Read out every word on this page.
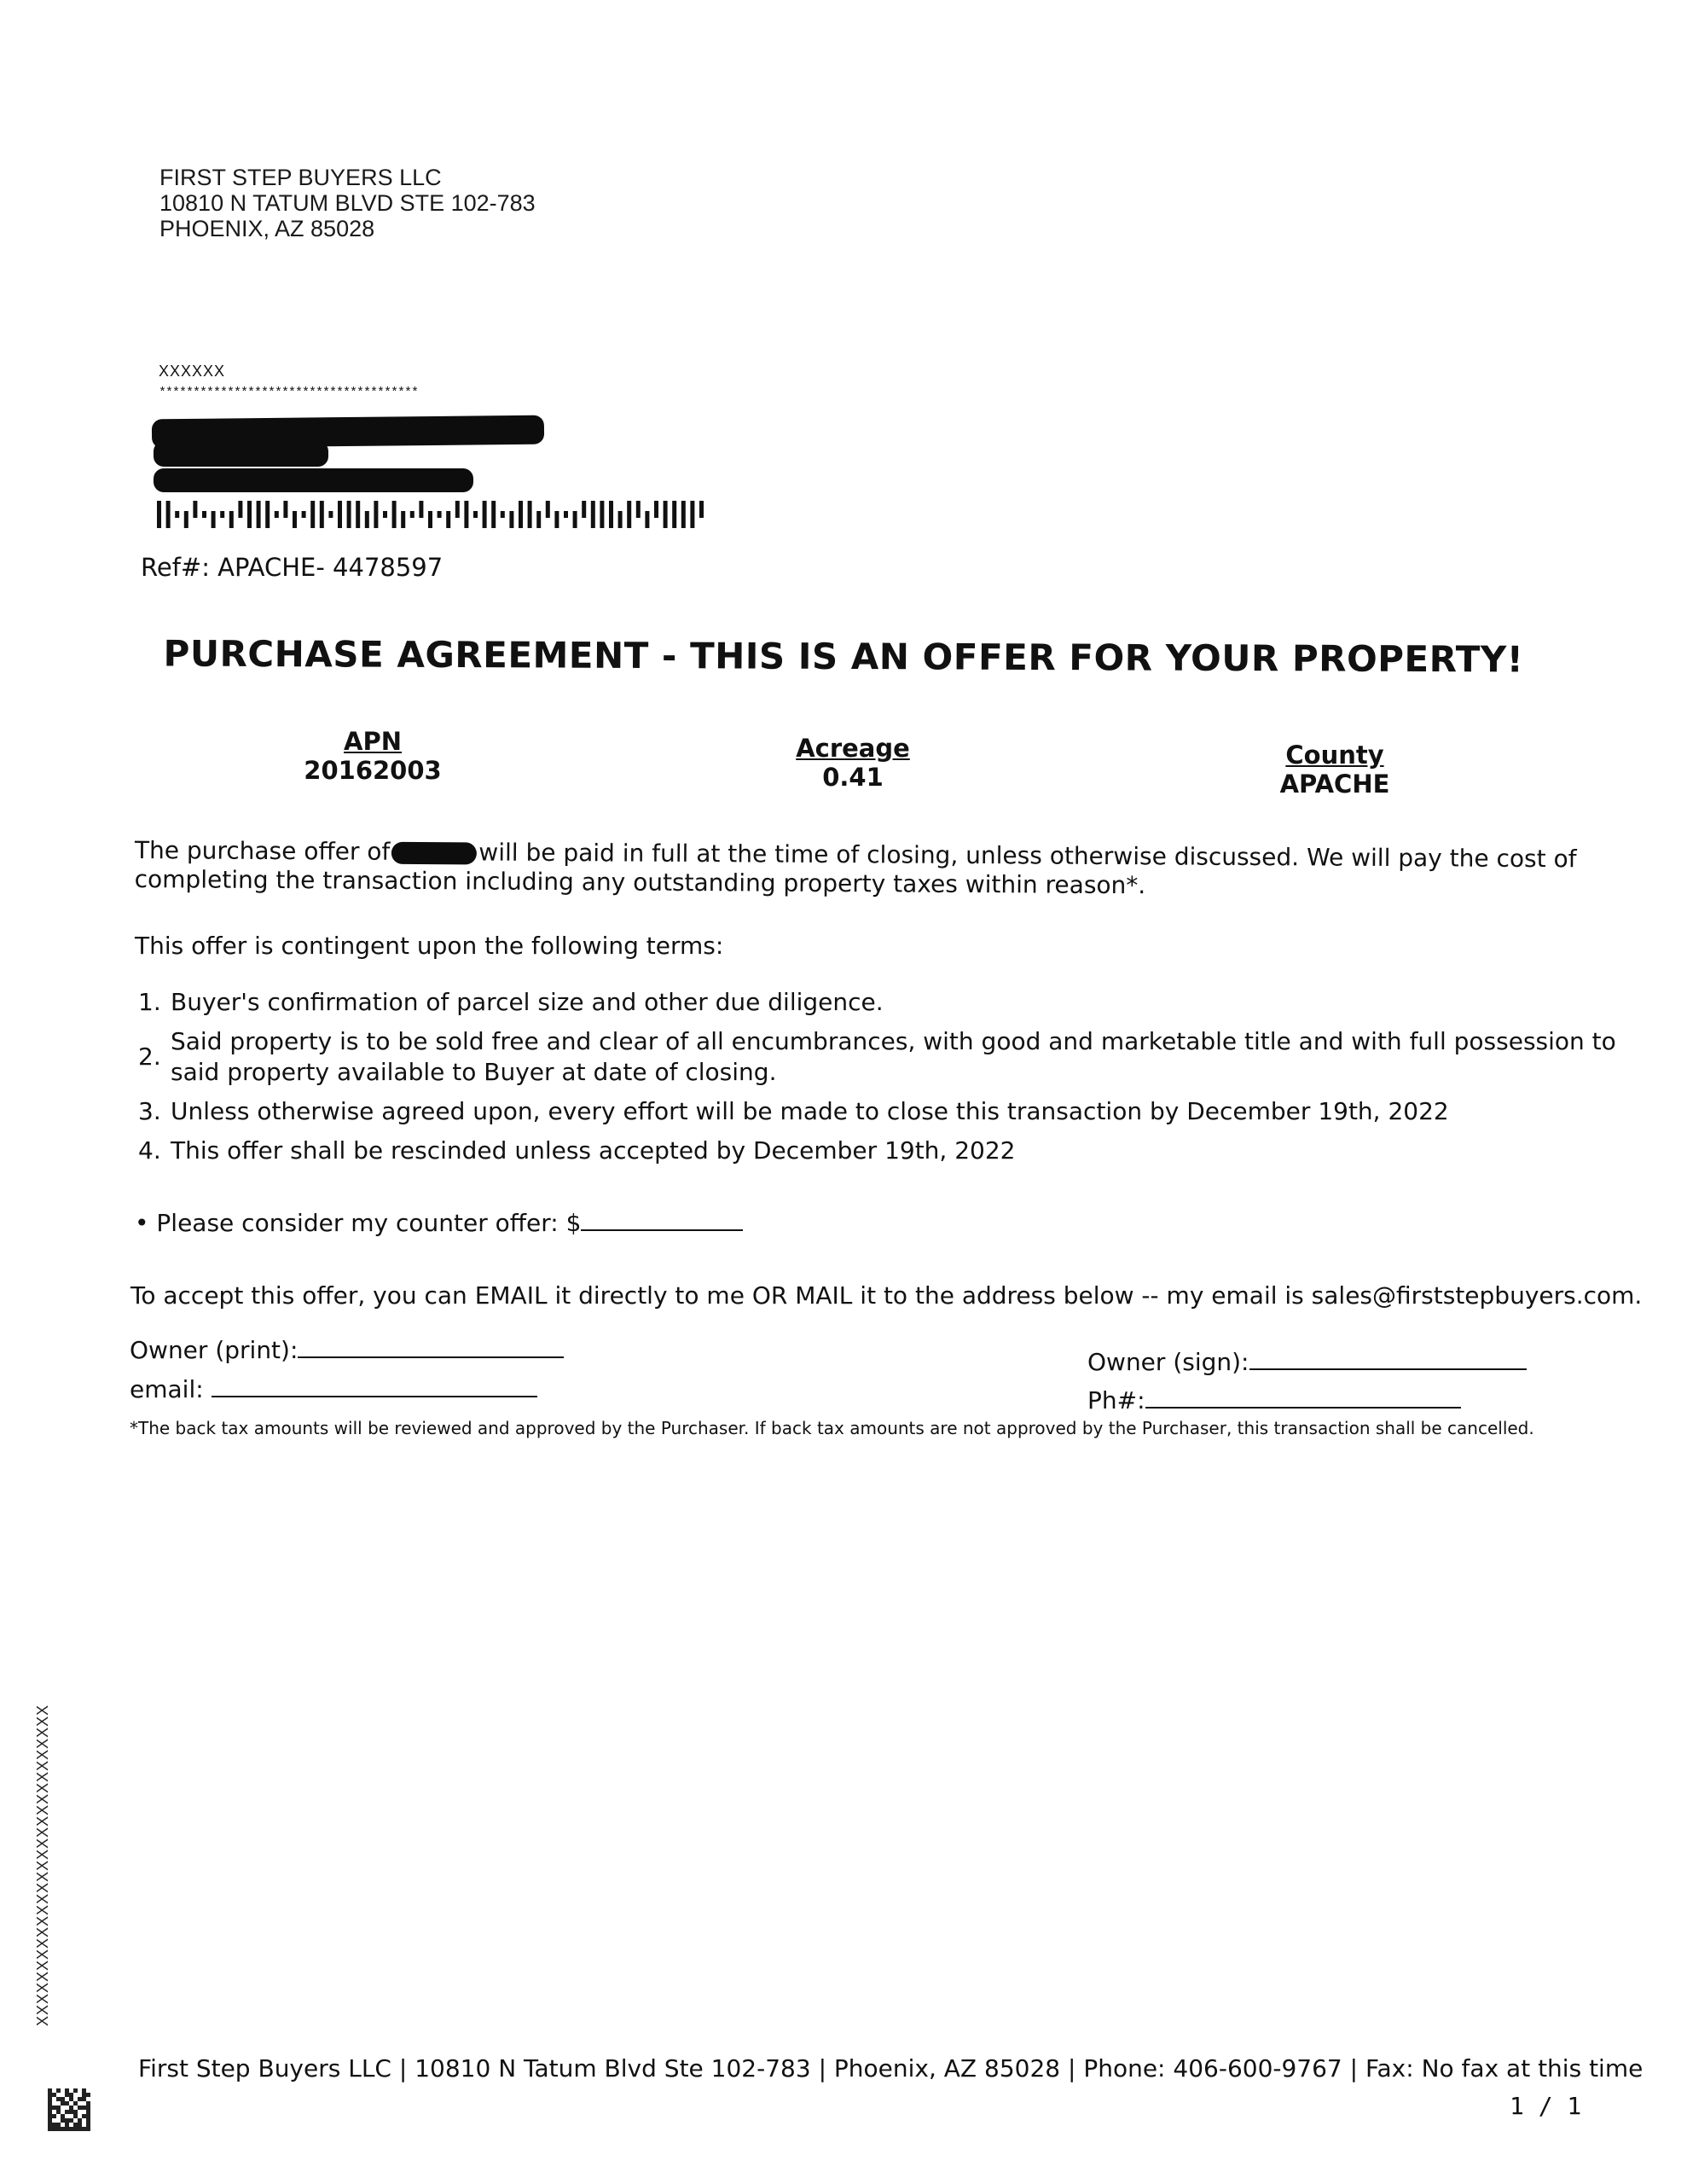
FIRST STEP BUYERS LLC
10810 N TATUM BLVD STE 102-783
PHOENIX, AZ 85028
XXXXXX
**************************************
Ref#: APACHE- 4478597
PURCHASE AGREEMENT - THIS IS AN OFFER FOR YOUR PROPERTY!
APN
20162003
Acreage
0.41
County
APACHE
The purchase offer of	will be paid in full at the time of closing, unless otherwise discussed. We will pay the cost of
completing the transaction including any outstanding property taxes within reason*.
This offer is contingent upon the following terms:
1. Buyer's confirmation of parcel size and other due diligence.
2.
Said property is to be sold free and clear of all encumbrances, with good and marketable title and with full possession to
said property available to Buyer at date of closing.
3. Unless otherwise agreed upon, every effort will be made to close this transaction by December 19th, 2022
4. This offer shall be rescinded unless accepted by December 19th, 2022
• Please consider my counter offer: $
To accept this offer, you can EMAIL it directly to me OR MAIL it to the address below -- my email is sales@firststepbuyers.com.
Owner (print):
email:
Owner (sign):
Ph#:
*The back tax amounts will be reviewed and approved by the Purchaser. If back tax amounts are not approved by the Purchaser, this transaction shall be cancelled.
XXXXXXXXXXXXXXXXXXXXXXXXXXXXX
First Step Buyers LLC | 10810 N Tatum Blvd Ste 102-783 | Phoenix, AZ 85028 | Phone: 406-600-9767 | Fax: No fax at this time
1 / 1
